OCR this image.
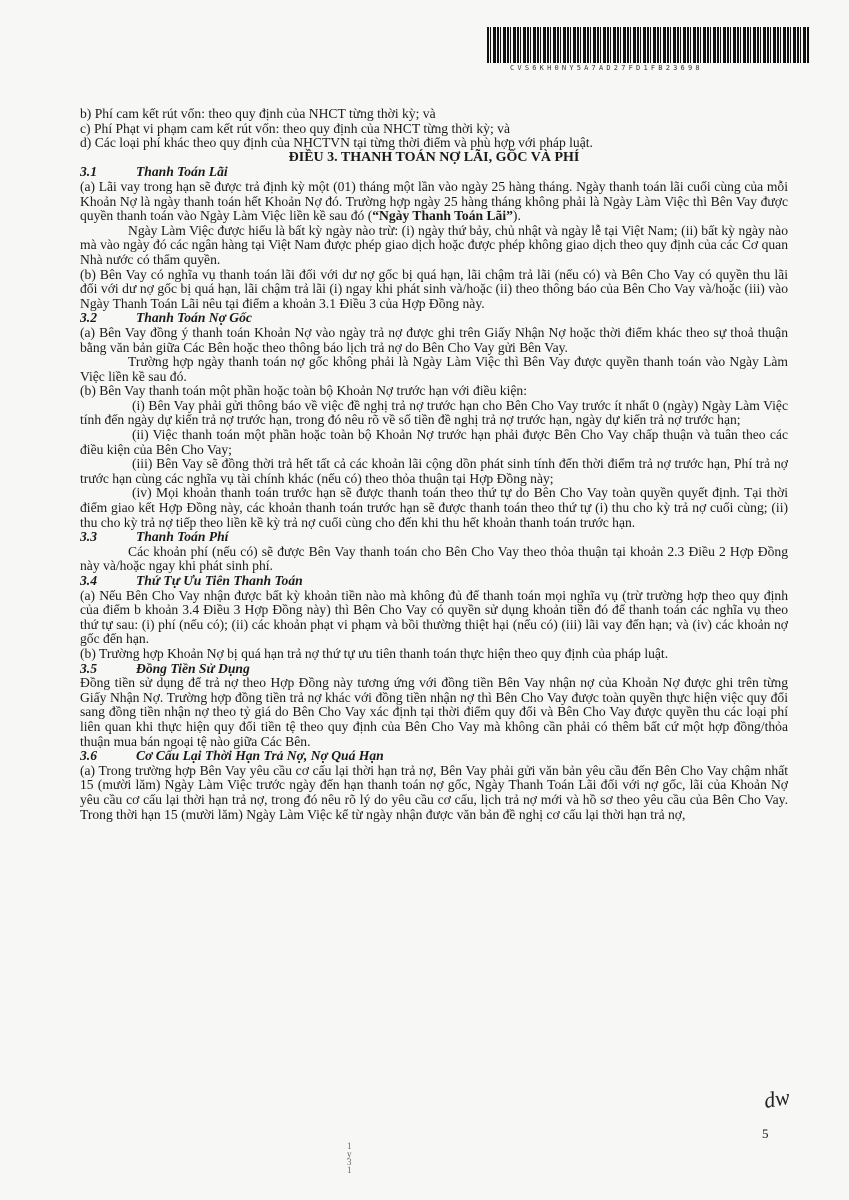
CVS6KH0NY5A7AD27FD1FB23698

b) Phí cam kết rút vốn: theo quy định của NHCT từng thời kỳ; và

c) Phí Phạt vi phạm cam kết rút vốn: theo quy định của NHCT từng thời kỳ; và

d) Các loại phí khác theo quy định của NHCTVN tại từng thời điểm và phù hợp với pháp luật.

ĐIỀU 3. THANH TOÁN NỢ LÃI, GỐC VÀ PHÍ

3.1	Thanh Toán Lãi

(a) Lãi vay trong hạn sẽ được trả định kỳ một (01) tháng một lần vào ngày 25 hàng tháng. Ngày thanh toán lãi cuối cùng của mỗi Khoản Nợ là ngày thanh toán hết Khoản Nợ đó. Trường hợp ngày 25 hàng tháng không phải là Ngày Làm Việc thì Bên Vay được quyền thanh toán vào Ngày Làm Việc liền kề sau đó (“Ngày Thanh Toán Lãi”).

Ngày Làm Việc được hiểu là bất kỳ ngày nào trừ: (i) ngày thứ bảy, chủ nhật và ngày lễ tại Việt Nam; (ii) bất kỳ ngày nào mà vào ngày đó các ngân hàng tại Việt Nam được phép giao dịch hoặc được phép không giao dịch theo quy định của các Cơ quan Nhà nước có thẩm quyền.

(b) Bên Vay có nghĩa vụ thanh toán lãi đối với dư nợ gốc bị quá hạn, lãi chậm trả lãi (nếu có) và Bên Cho Vay có quyền thu lãi đối với dư nợ gốc bị quá hạn, lãi chậm trả lãi (i) ngay khi phát sinh và/hoặc (ii) theo thông báo của Bên Cho Vay và/hoặc (iii) vào Ngày Thanh Toán Lãi nêu tại điểm a khoản 3.1 Điều 3 của Hợp Đồng này.

3.2	Thanh Toán Nợ Gốc

(a) Bên Vay đồng ý thanh toán Khoản Nợ vào ngày trả nợ được ghi trên Giấy Nhận Nợ hoặc thời điểm khác theo sự thoả thuận bằng văn bản giữa Các Bên hoặc theo thông báo lịch trả nợ do Bên Cho Vay gửi Bên Vay.

Trường hợp ngày thanh toán nợ gốc không phải là Ngày Làm Việc thì Bên Vay được quyền thanh toán vào Ngày Làm Việc liền kề sau đó.

(b) Bên Vay thanh toán một phần hoặc toàn bộ Khoản Nợ trước hạn với điều kiện:

(i) Bên Vay phải gửi thông báo về việc đề nghị trả nợ trước hạn cho Bên Cho Vay trước ít nhất 0 (ngày) Ngày Làm Việc tính đến ngày dự kiến trả nợ trước hạn, trong đó nêu rõ về số tiền đề nghị trả nợ trước hạn, ngày dự kiến trả nợ trước hạn;

(ii) Việc thanh toán một phần hoặc toàn bộ Khoản Nợ trước hạn phải được Bên Cho Vay chấp thuận và tuân theo các điều kiện của Bên Cho Vay;

(iii) Bên Vay sẽ đồng thời trả hết tất cả các khoản lãi cộng dồn phát sinh tính đến thời điểm trả nợ trước hạn, Phí trả nợ trước hạn cùng các nghĩa vụ tài chính khác (nếu có) theo thỏa thuận tại Hợp Đồng này;

(iv) Mọi khoản thanh toán trước hạn sẽ được thanh toán theo thứ tự do Bên Cho Vay toàn quyền quyết định. Tại thời điểm giao kết Hợp Đồng này, các khoản thanh toán trước hạn sẽ được thanh toán theo thứ tự (i) thu cho kỳ trả nợ cuối cùng; (ii) thu cho kỳ trả nợ tiếp theo liền kề kỳ trả nợ cuối cùng cho đến khi thu hết khoản thanh toán trước hạn.

3.3	Thanh Toán Phí

Các khoản phí (nếu có) sẽ được Bên Vay thanh toán cho Bên Cho Vay theo thỏa thuận tại khoản 2.3 Điều 2 Hợp Đồng này và/hoặc ngay khi phát sinh phí.

3.4	Thứ Tự Ưu Tiên Thanh Toán

(a) Nếu Bên Cho Vay nhận được bất kỳ khoản tiền nào mà không đủ để thanh toán mọi nghĩa vụ (trừ trường hợp theo quy định của điểm b khoản 3.4 Điều 3 Hợp Đồng này) thì Bên Cho Vay có quyền sử dụng khoản tiền đó để thanh toán các nghĩa vụ theo thứ tự sau: (i) phí (nếu có); (ii) các khoản phạt vi phạm và bồi thường thiệt hại (nếu có) (iii) lãi vay đến hạn; và (iv) các khoản nợ gốc đến hạn.

(b) Trường hợp Khoản Nợ bị quá hạn trả nợ thứ tự ưu tiên thanh toán thực hiện theo quy định của pháp luật.

3.5	Đồng Tiền Sử Dụng

Đồng tiền sử dụng để trả nợ theo Hợp Đồng này tương ứng với đồng tiền Bên Vay nhận nợ của Khoản Nợ được ghi trên từng Giấy Nhận Nợ. Trường hợp đồng tiền trả nợ khác với đồng tiền nhận nợ thì Bên Cho Vay được toàn quyền thực hiện việc quy đổi sang đồng tiền nhận nợ theo tỷ giá do Bên Cho Vay xác định tại thời điểm quy đổi và Bên Cho Vay được quyền thu các loại phí liên quan khi thực hiện quy đổi tiền tệ theo quy định của Bên Cho Vay mà không cần phải có thêm bất cứ một hợp đồng/thỏa thuận mua bán ngoại tệ nào giữa Các Bên.

3.6	Cơ Cấu Lại Thời Hạn Trả Nợ, Nợ Quá Hạn

(a) Trong trường hợp Bên Vay yêu cầu cơ cấu lại thời hạn trả nợ, Bên Vay phải gửi văn bản yêu cầu đến Bên Cho Vay chậm nhất 15 (mười lăm) Ngày Làm Việc trước ngày đến hạn thanh toán nợ gốc, Ngày Thanh Toán Lãi đối với nợ gốc, lãi của Khoản Nợ yêu cầu cơ cấu lại thời hạn trả nợ, trong đó nêu rõ lý do yêu cầu cơ cấu, lịch trả nợ mới và hồ sơ theo yêu cầu của Bên Cho Vay. Trong thời hạn 15 (mười lăm) Ngày Làm Việc kể từ ngày nhận được văn bản đề nghị cơ cấu lại thời hạn trả nợ,

dw
5
1
y
3
1
